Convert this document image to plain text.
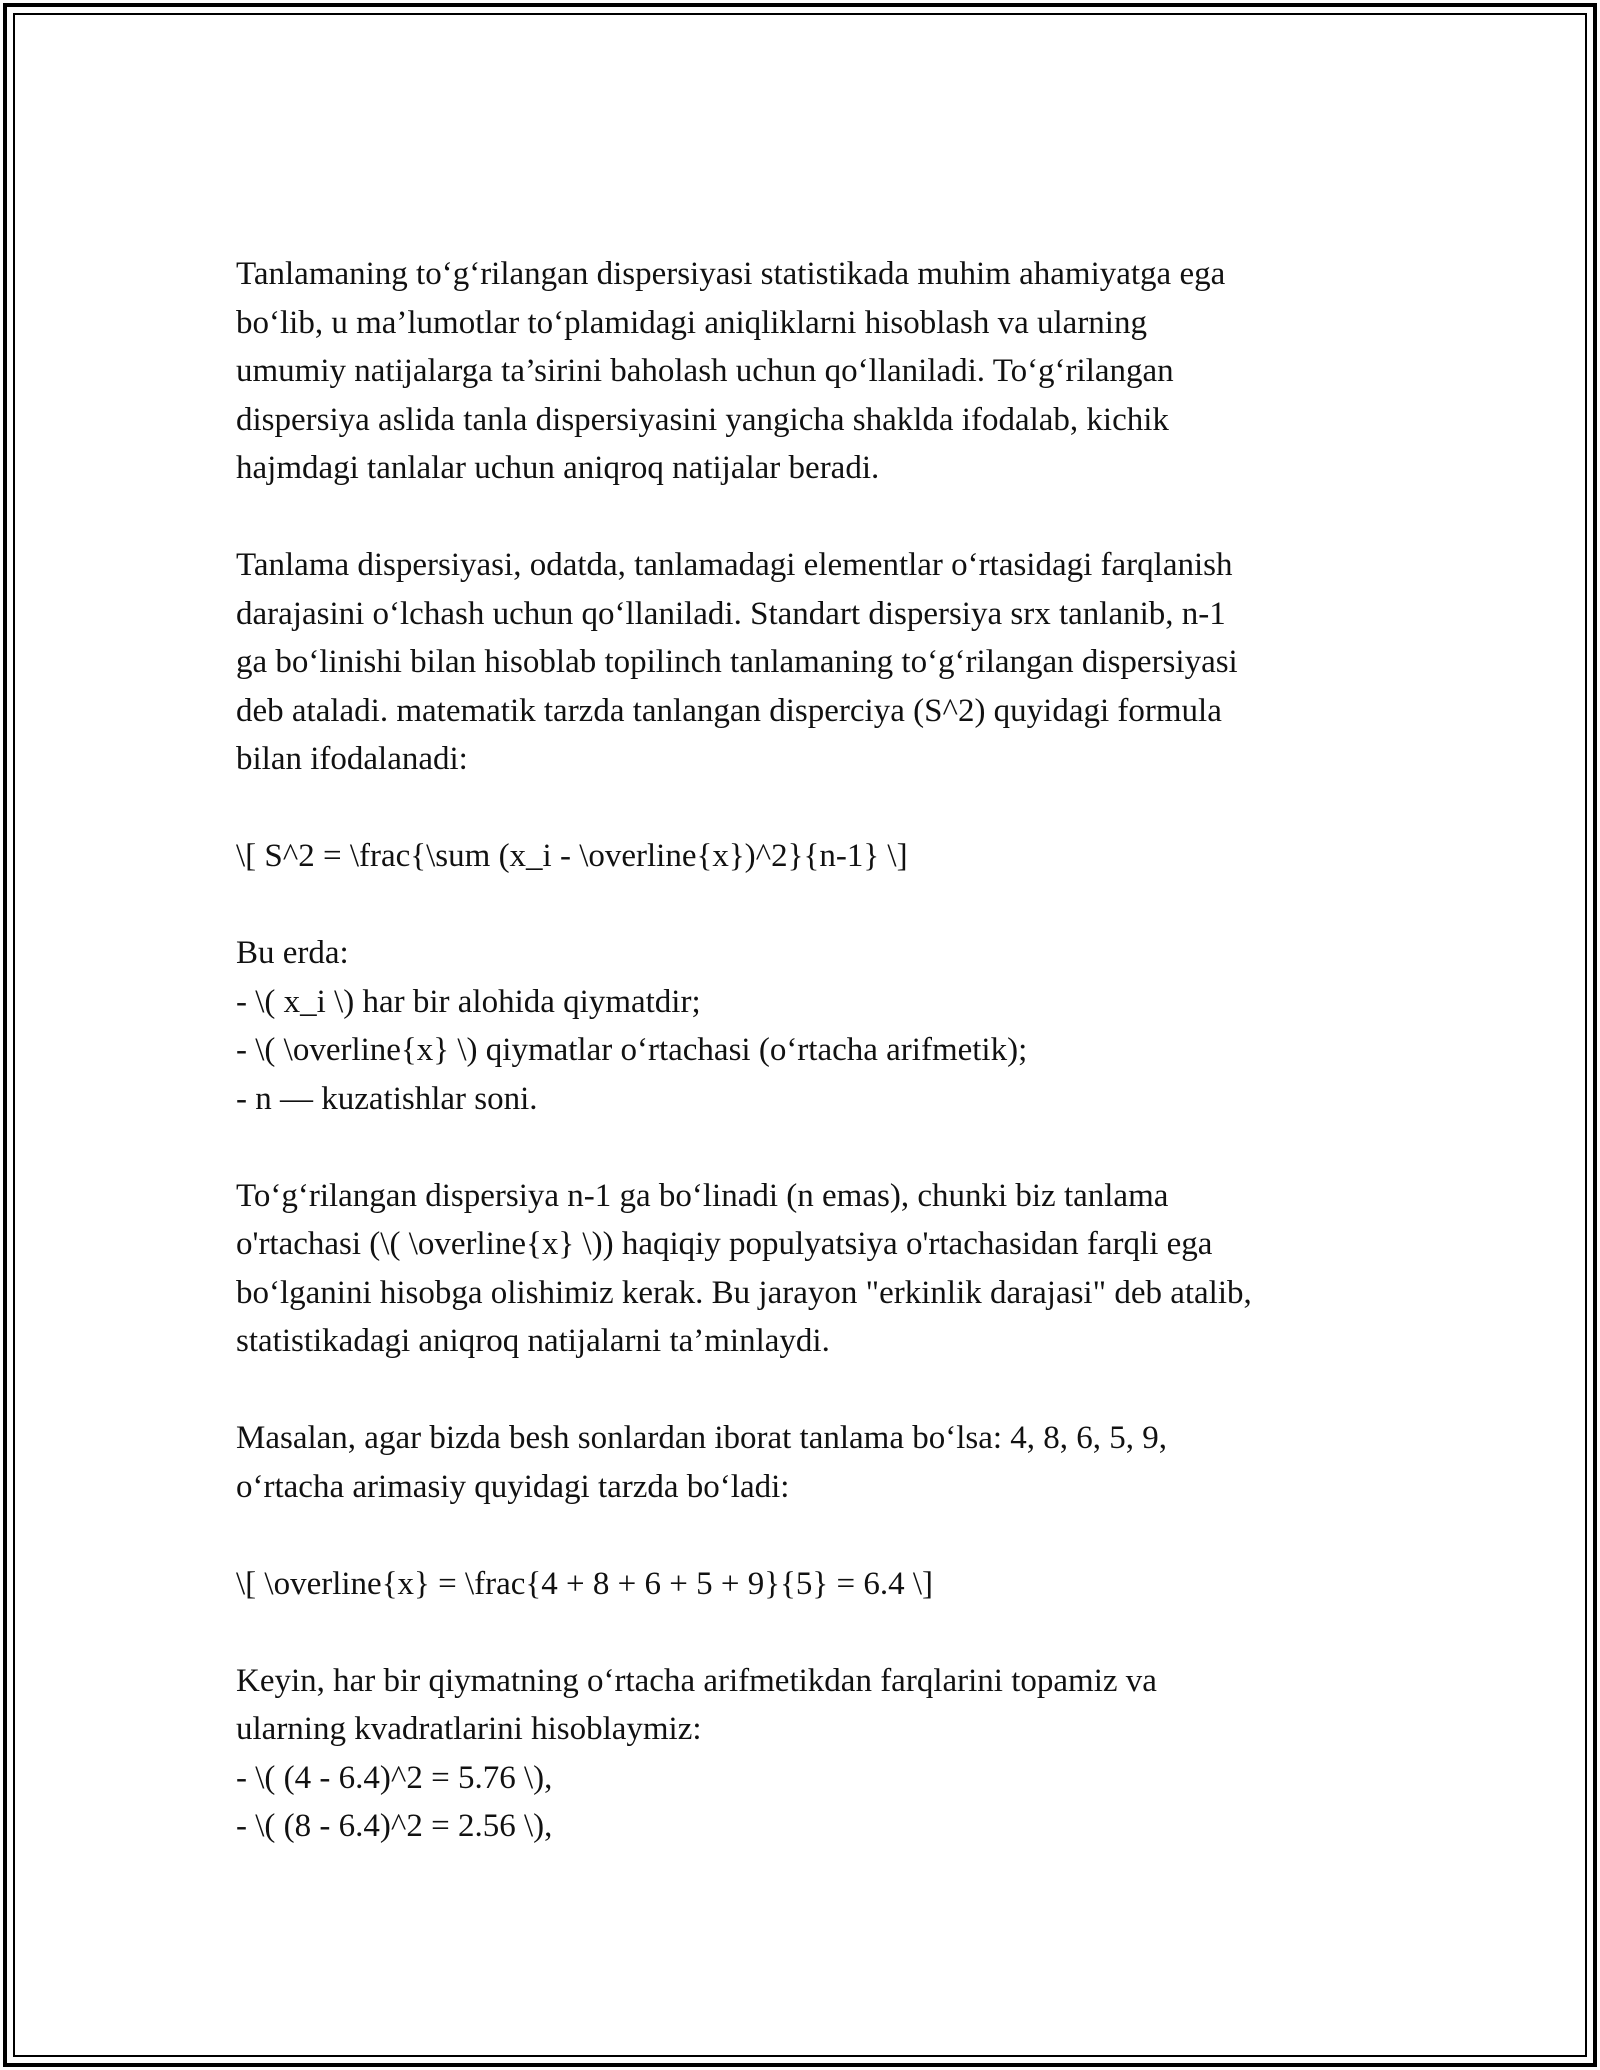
Tanlamaning to‘g‘rilangan dispersiyasi statistikada muhim ahamiyatga ega
bo‘lib, u ma’lumotlar to‘plamidagi aniqliklarni hisoblash va ularning
umumiy natijalarga ta’sirini baholash uchun qo‘llaniladi. To‘g‘rilangan
dispersiya aslida tanla dispersiyasini yangicha shaklda ifodalab, kichik
hajmdagi tanlalar uchun aniqroq natijalar beradi.
Tanlama dispersiyasi, odatda, tanlamadagi elementlar o‘rtasidagi farqlanish
darajasini o‘lchash uchun qo‘llaniladi. Standart dispersiya srx tanlanib, n-1
ga bo‘linishi bilan hisoblab topilinch tanlamaning to‘g‘rilangan dispersiyasi
deb ataladi. matematik tarzda tanlangan disperciya (S^2) quyidagi formula
bilan ifodalanadi:
\[ S^2 = \frac{\sum (x_i - \overline{x})^2}{n-1} \]
Bu erda:
- \( x_i \) har bir alohida qiymatdir;
- \( \overline{x} \) qiymatlar o‘rtachasi (o‘rtacha arifmetik);
- n — kuzatishlar soni.
To‘g‘rilangan dispersiya n-1 ga bo‘linadi (n emas), chunki biz tanlama
o'rtachasi (\( \overline{x} \)) haqiqiy populyatsiya o'rtachasidan farqli ega
bo‘lganini hisobga olishimiz kerak. Bu jarayon "erkinlik darajasi" deb atalib,
statistikadagi aniqroq natijalarni ta’minlaydi.
Masalan, agar bizda besh sonlardan iborat tanlama bo‘lsa: 4, 8, 6, 5, 9,
o‘rtacha arimasiy quyidagi tarzda bo‘ladi:
\[ \overline{x} = \frac{4 + 8 + 6 + 5 + 9}{5} = 6.4 \]
Keyin, har bir qiymatning o‘rtacha arifmetikdan farqlarini topamiz va
ularning kvadratlarini hisoblaymiz:
- \( (4 - 6.4)^2 = 5.76 \),
- \( (8 - 6.4)^2 = 2.56 \),
